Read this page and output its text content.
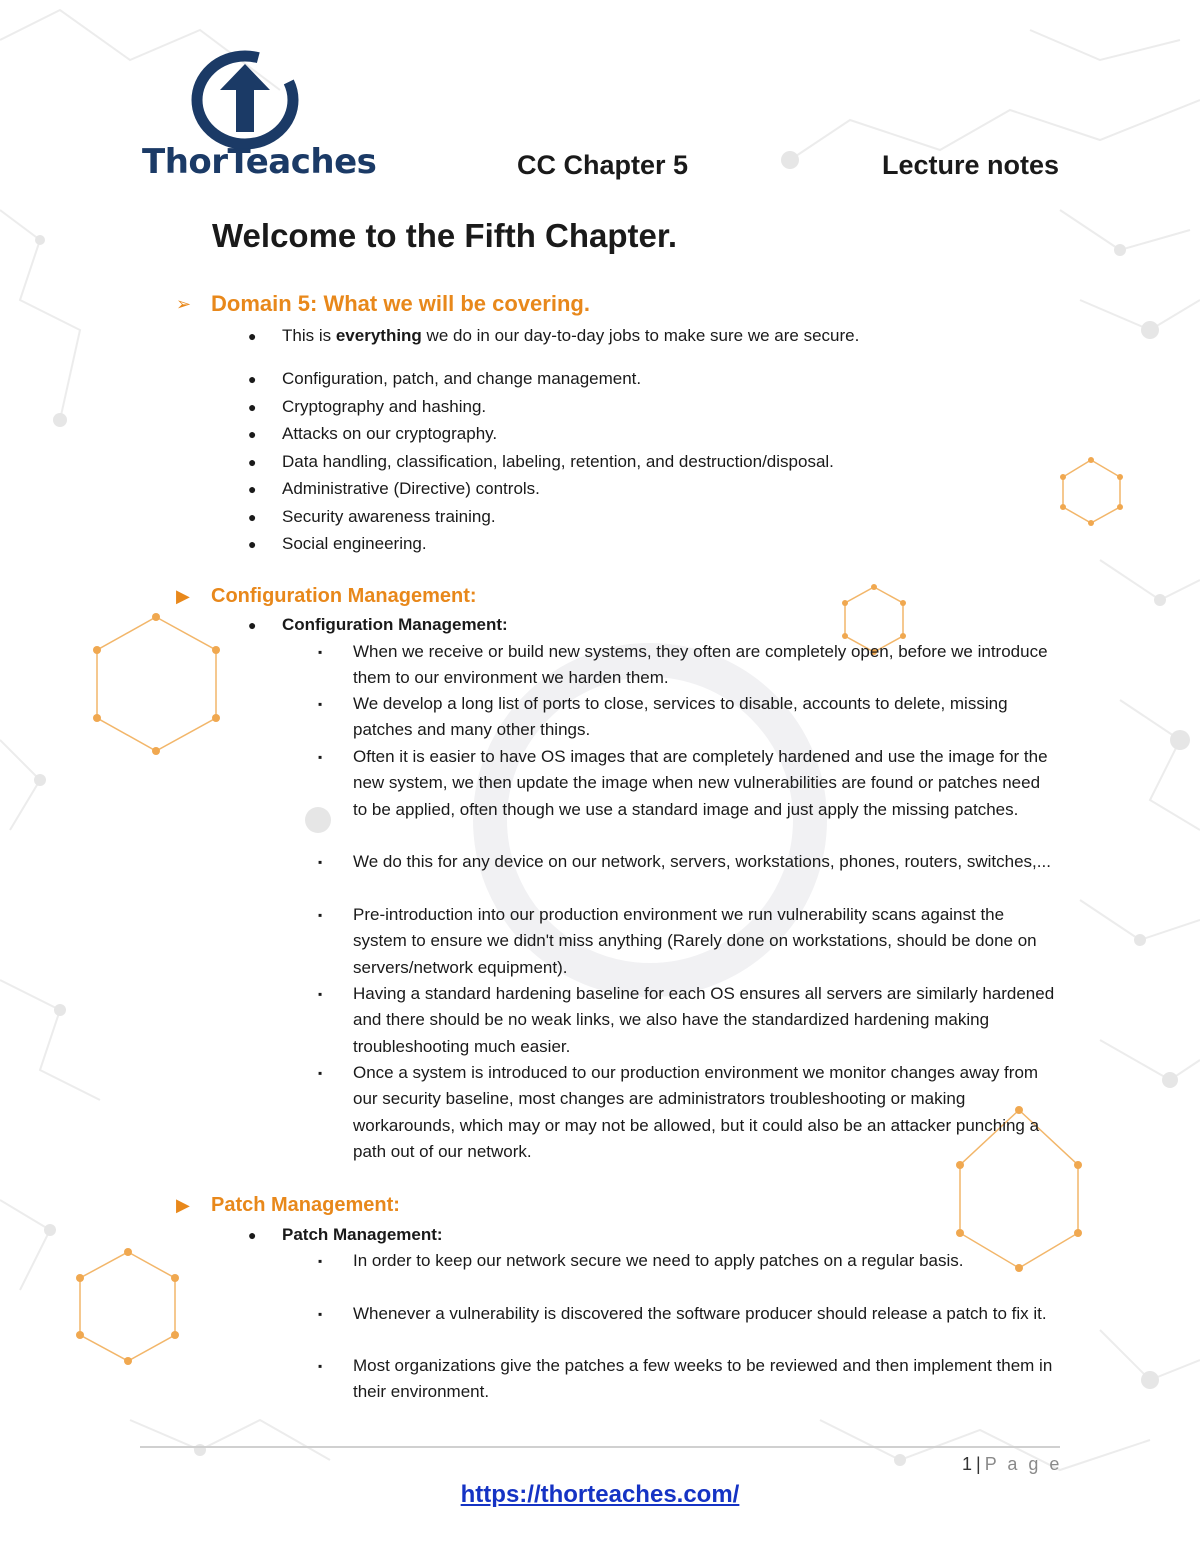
ThorTeaches	CC Chapter 5	Lecture notes
Welcome to the Fifth Chapter.
➢ Domain 5: What we will be covering.
● This is everything we do in our day-to-day jobs to make sure we are secure.
● Configuration, patch, and change management.
● Cryptography and hashing.
● Attacks on our cryptography.
● Data handling, classification, labeling, retention, and destruction/disposal.
● Administrative (Directive) controls.
● Security awareness training.
● Social engineering.
▶	Configuration Management:
● Configuration Management:
▪ When we receive or build new systems, they often are completely open, before we introduce them to our environment we harden them.
▪ We develop a long list of ports to close, services to disable, accounts to delete, missing patches and many other things.
▪ Often it is easier to have OS images that are completely hardened and use the image for the new system, we then update the image when new vulnerabilities are found or patches need to be applied, often though we use a standard image and just apply the missing patches.
▪ We do this for any device on our network, servers, workstations, phones, routers, switches,...
▪ Pre-introduction into our production environment we run vulnerability scans against the system to ensure we didn't miss anything (Rarely done on workstations, should be done on servers/network equipment).
▪ Having a standard hardening baseline for each OS ensures all servers are similarly hardened and there should be no weak links, we also have the standardized hardening making troubleshooting much easier.
▪ Once a system is introduced to our production environment we monitor changes away from our security baseline, most changes are administrators troubleshooting or making workarounds, which may or may not be allowed, but it could also be an attacker punching a path out of our network.
▶	Patch Management:
● Patch Management:
▪ In order to keep our network secure we need to apply patches on a regular basis.
▪ Whenever a vulnerability is discovered the software producer should release a patch to fix it.
▪ Most organizations give the patches a few weeks to be reviewed and then implement them in their environment.
1 | P a g e
https://thorteaches.com/
